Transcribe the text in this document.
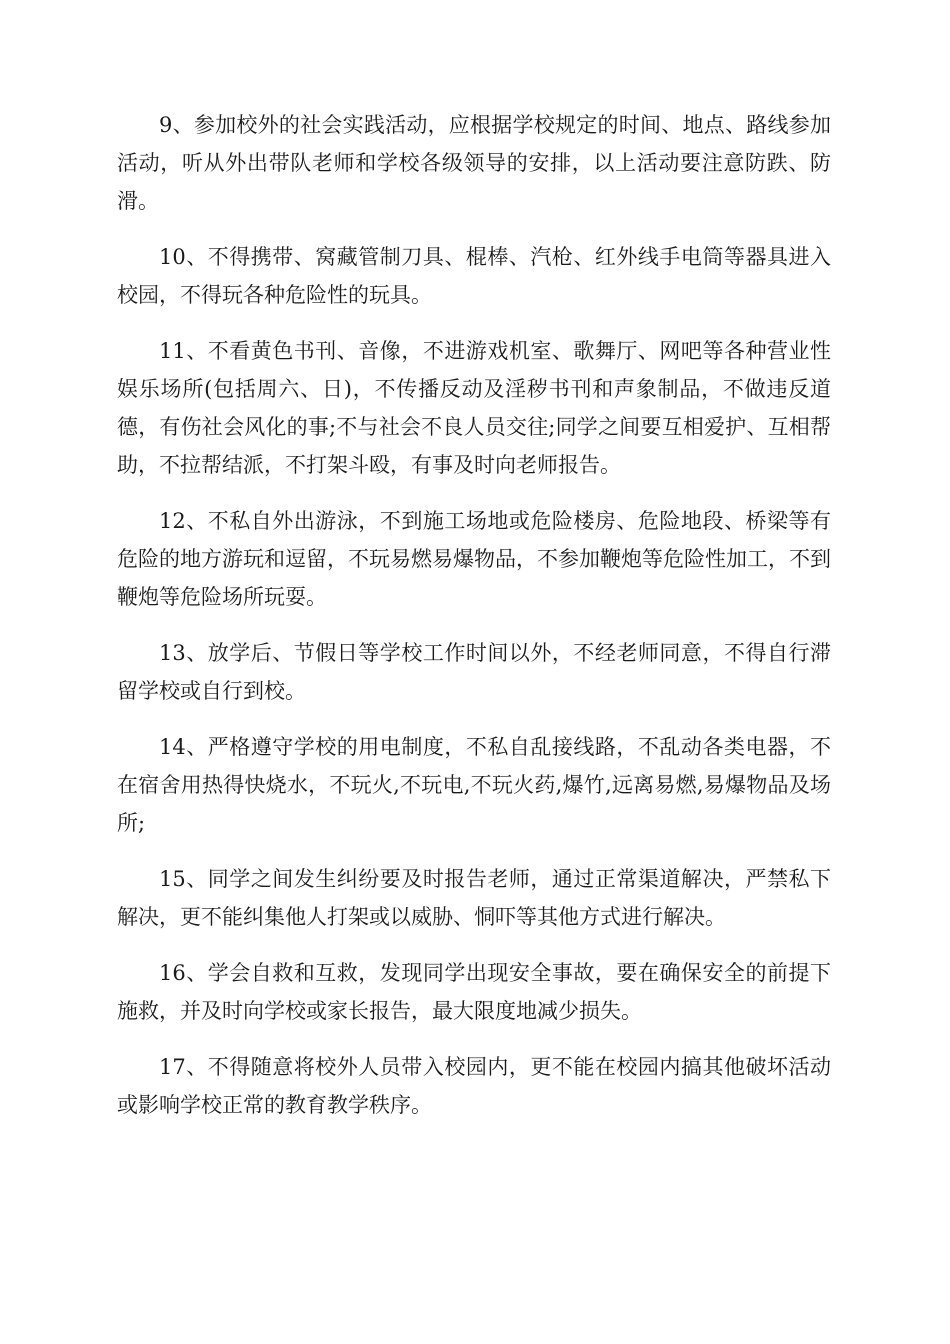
9、参加校外的社会实践活动，应根据学校规定的时间、地点、路线参加活动，听从外出带队老师和学校各级领导的安排，以上活动要注意防跌、防滑。

10、不得携带、窝藏管制刀具、棍棒、汽枪、红外线手电筒等器具进入校园，不得玩各种危险性的玩具。

11、不看黄色书刊、音像，不进游戏机室、歌舞厅、网吧等各种营业性娱乐场所(包括周六、日)，不传播反动及淫秽书刊和声象制品，不做违反道德，有伤社会风化的事;不与社会不良人员交往;同学之间要互相爱护、互相帮助，不拉帮结派，不打架斗殴，有事及时向老师报告。

12、不私自外出游泳，不到施工场地或危险楼房、危险地段、桥梁等有危险的地方游玩和逗留，不玩易燃易爆物品，不参加鞭炮等危险性加工，不到鞭炮等危险场所玩耍。

13、放学后、节假日等学校工作时间以外，不经老师同意，不得自行滞留学校或自行到校。

14、严格遵守学校的用电制度，不私自乱接线路，不乱动各类电器，不在宿舍用热得快烧水，不玩火,不玩电,不玩火药,爆竹,远离易燃,易爆物品及场所;

15、同学之间发生纠纷要及时报告老师，通过正常渠道解决，严禁私下解决，更不能纠集他人打架或以威胁、恫吓等其他方式进行解决。

16、学会自救和互救，发现同学出现安全事故，要在确保安全的前提下施救，并及时向学校或家长报告，最大限度地减少损失。

17、不得随意将校外人员带入校园内，更不能在校园内搞其他破坏活动或影响学校正常的教育教学秩序。
